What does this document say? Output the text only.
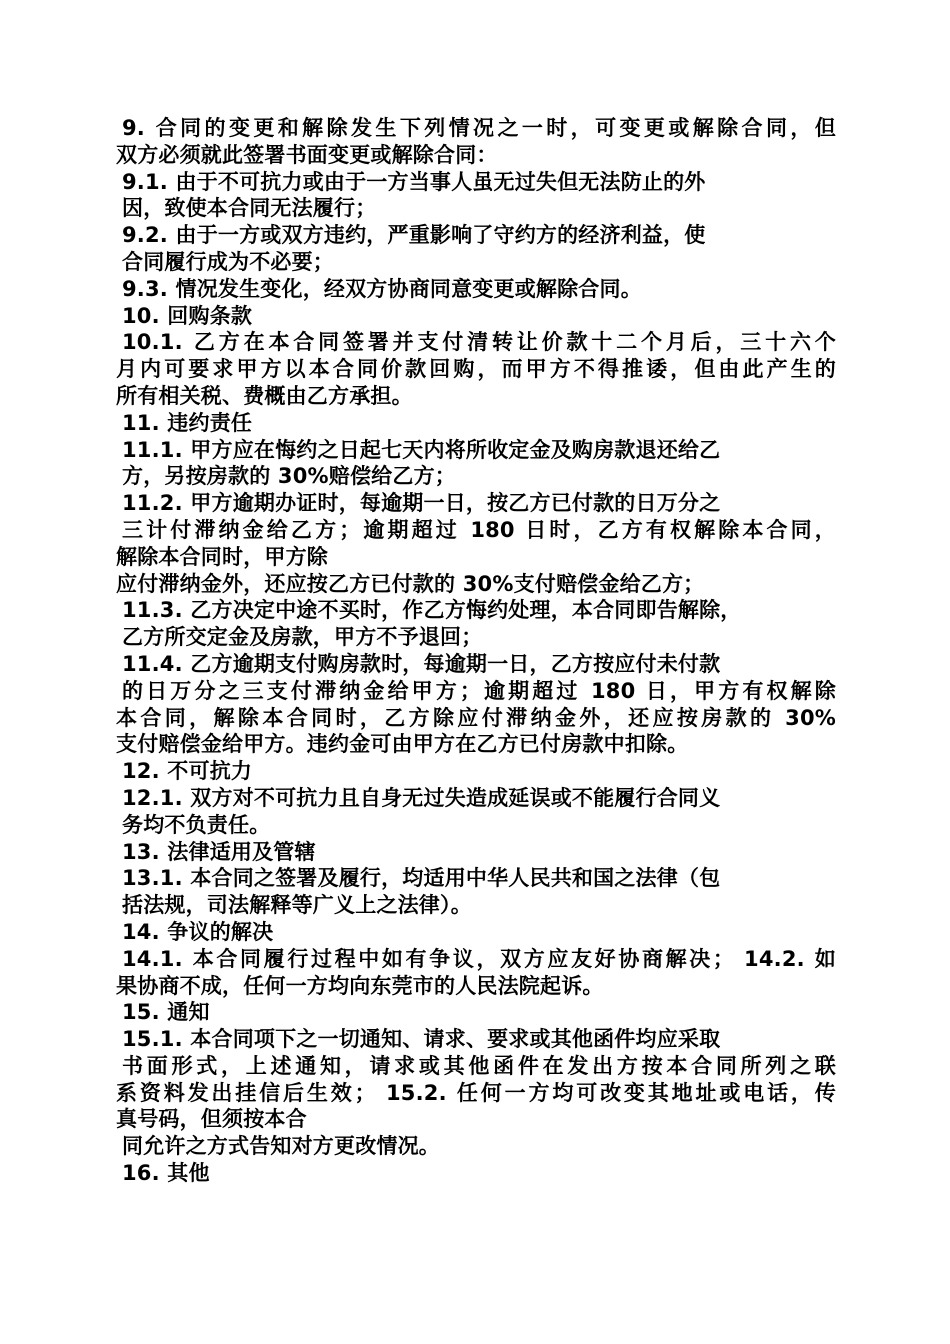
9. 合同的变更和解除发生下列情况之一时，可变更或解除合同，但
双方必须就此签署书面变更或解除合同：
9.1. 由于不可抗力或由于一方当事人虽无过失但无法防止的外
因，致使本合同无法履行；
9.2. 由于一方或双方违约，严重影响了守约方的经济利益，使
合同履行成为不必要；
9.3. 情况发生变化，经双方协商同意变更或解除合同。
10. 回购条款
10.1. 乙方在本合同签署并支付清转让价款十二个月后，三十六个
月内可要求甲方以本合同价款回购，而甲方不得推诿，但由此产生的
所有相关税、费概由乙方承担。
11. 违约责任
11.1. 甲方应在悔约之日起七天内将所收定金及购房款退还给乙
方，另按房款的 30%赔偿给乙方；
11.2. 甲方逾期办证时，每逾期一日，按乙方已付款的日万分之
三计付滞纳金给乙方；逾期超过 180 日时，乙方有权解除本合同，
解除本合同时，甲方除
应付滞纳金外，还应按乙方已付款的 30%支付赔偿金给乙方；
11.3. 乙方决定中途不买时，作乙方悔约处理，本合同即告解除，
乙方所交定金及房款，甲方不予退回；
11.4. 乙方逾期支付购房款时，每逾期一日，乙方按应付未付款
的日万分之三支付滞纳金给甲方；逾期超过 180 日，甲方有权解除
本合同，解除本合同时，乙方除应付滞纳金外，还应按房款的 30%
支付赔偿金给甲方。违约金可由甲方在乙方已付房款中扣除。
12. 不可抗力
12.1. 双方对不可抗力且自身无过失造成延误或不能履行合同义
务均不负责任。
13. 法律适用及管辖
13.1. 本合同之签署及履行，均适用中华人民共和国之法律（包
括法规，司法解释等广义上之法律）。
14. 争议的解决
14.1. 本合同履行过程中如有争议，双方应友好协商解决； 14.2. 如
果协商不成，任何一方均向东莞市的人民法院起诉。
15. 通知
15.1. 本合同项下之一切通知、请求、要求或其他函件均应采取
书面形式，上述通知，请求或其他函件在发出方按本合同所列之联
系资料发出挂信后生效； 15.2. 任何一方均可改变其地址或电话，传
真号码，但须按本合
同允许之方式告知对方更改情况。
16. 其他
